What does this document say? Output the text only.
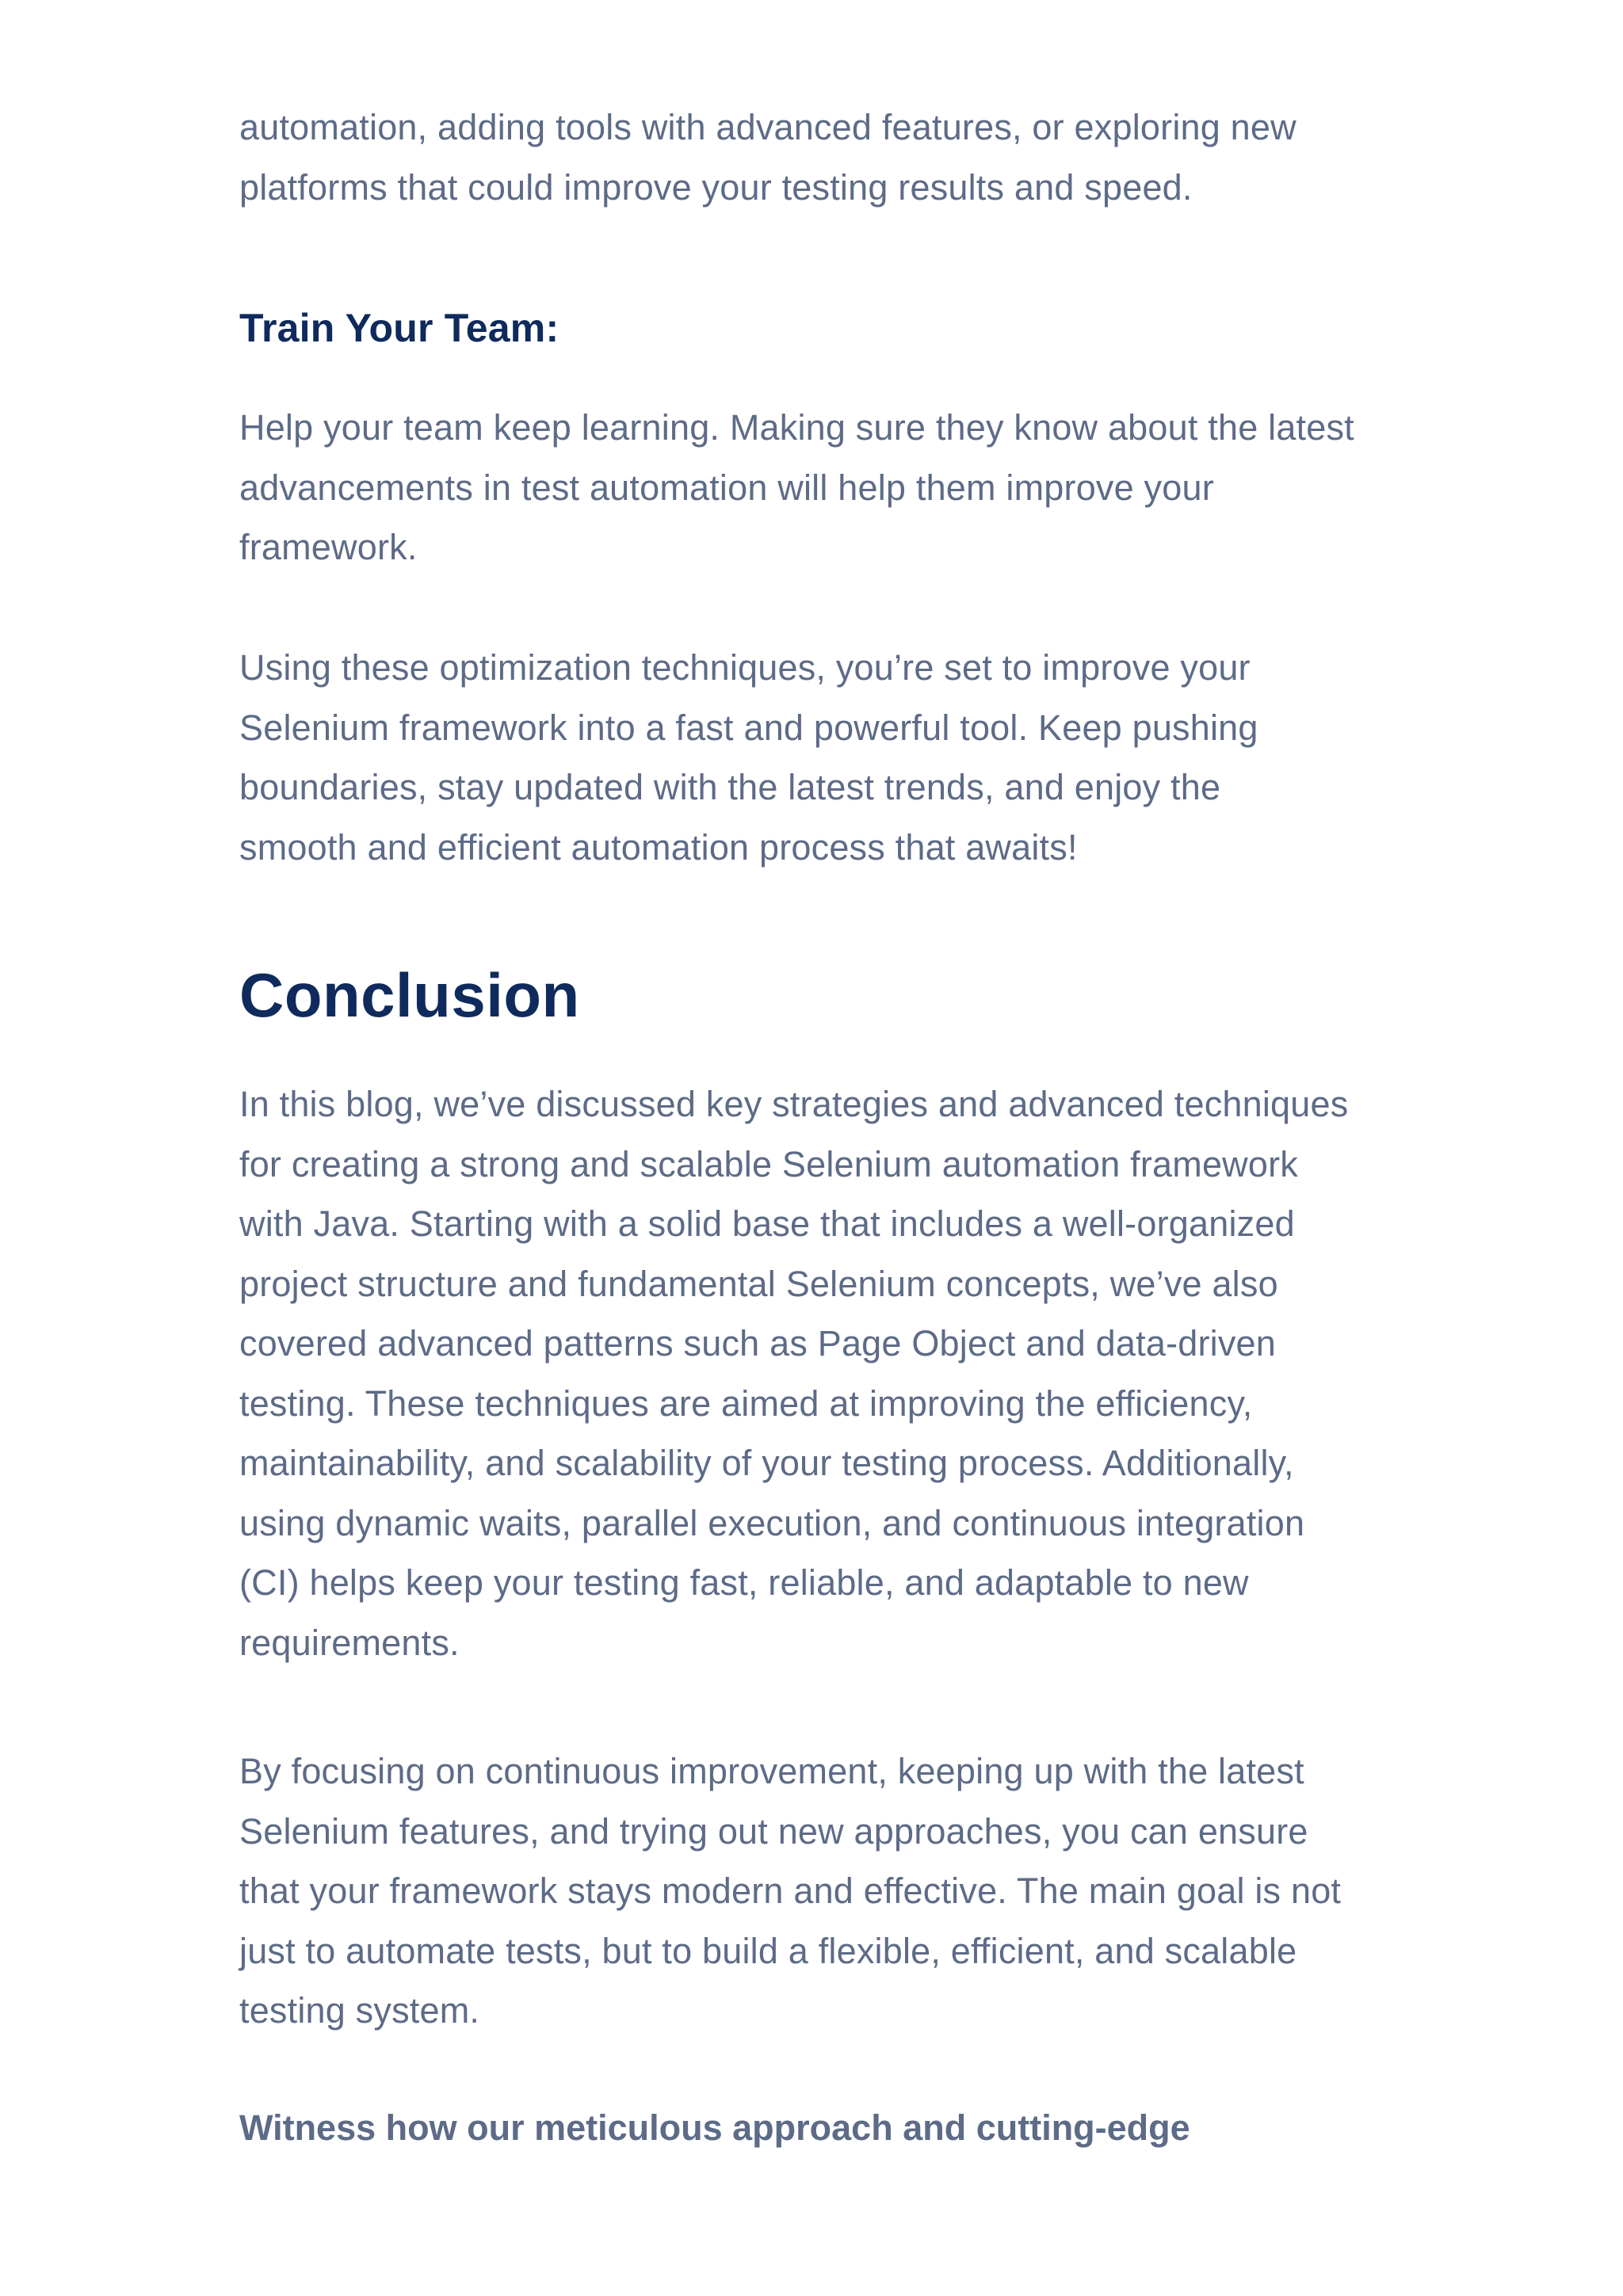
automation, adding tools with advanced features, or exploring new
platforms that could improve your testing results and speed.
Train Your Team:
Help your team keep learning. Making sure they know about the latest
advancements in test automation will help them improve your
framework.
Using these optimization techniques, you’re set to improve your
Selenium framework into a fast and powerful tool. Keep pushing
boundaries, stay updated with the latest trends, and enjoy the
smooth and efficient automation process that awaits!
Conclusion
In this blog, we’ve discussed key strategies and advanced techniques
for creating a strong and scalable Selenium automation framework
with Java. Starting with a solid base that includes a well-organized
project structure and fundamental Selenium concepts, we’ve also
covered advanced patterns such as Page Object and data-driven
testing. These techniques are aimed at improving the efficiency,
maintainability, and scalability of your testing process. Additionally,
using dynamic waits, parallel execution, and continuous integration
(CI) helps keep your testing fast, reliable, and adaptable to new
requirements.
By focusing on continuous improvement, keeping up with the latest
Selenium features, and trying out new approaches, you can ensure
that your framework stays modern and effective. The main goal is not
just to automate tests, but to build a flexible, efficient, and scalable
testing system.

Witness how our meticulous approach and cutting-edge
